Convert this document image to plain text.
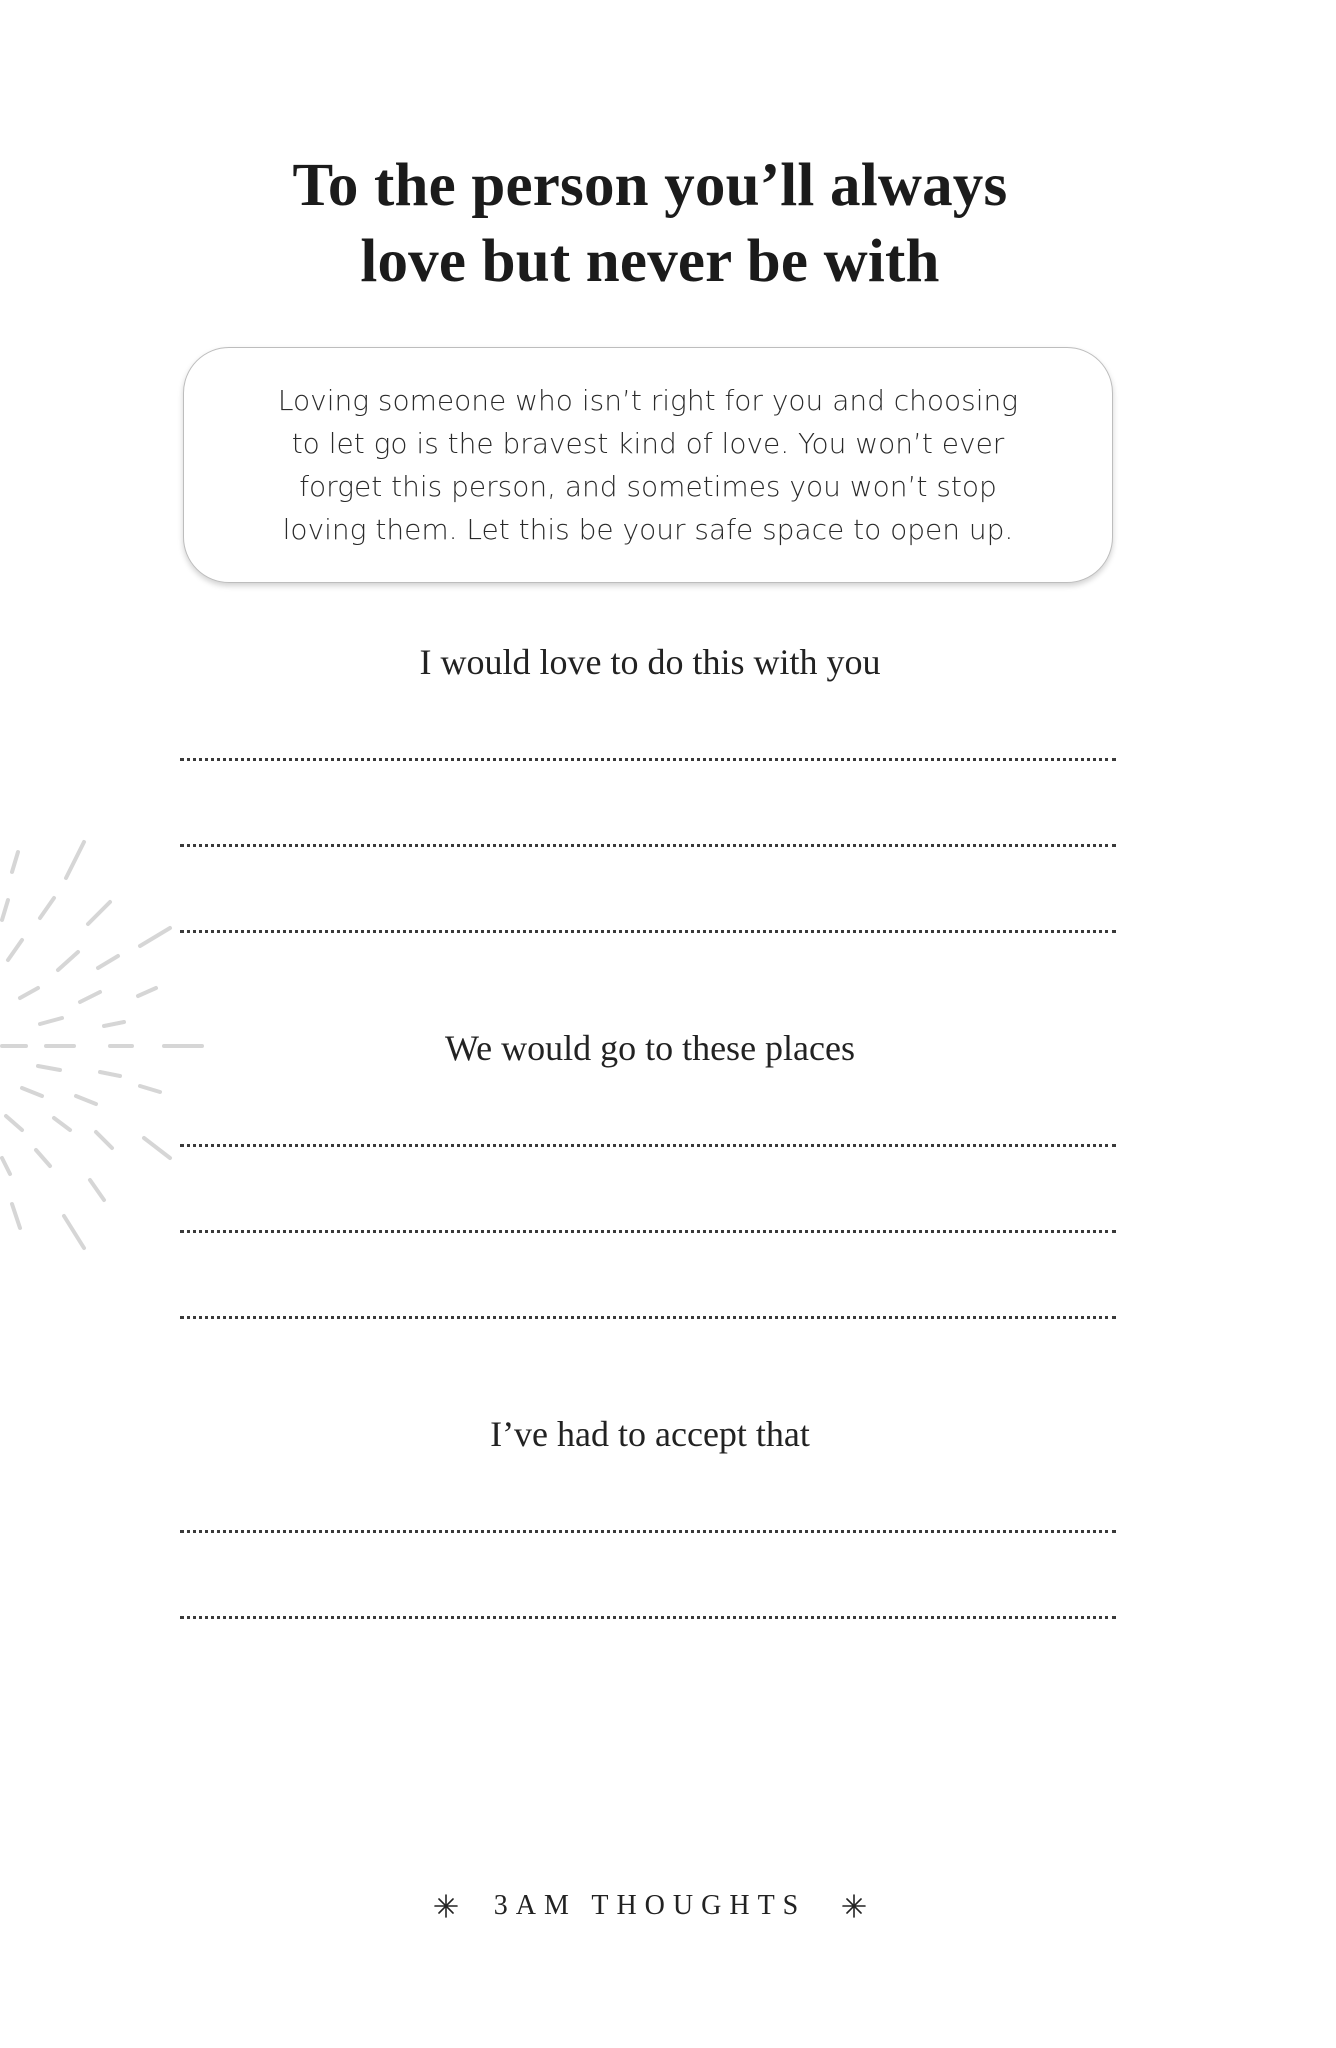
To the person you’ll always
love but never be with
Loving someone who isn’t right for you and choosing
to let go is the bravest kind of love. You won’t ever
forget this person, and sometimes you won’t stop
loving them. Let this be your safe space to open up.
I would love to do this with you
We would go to these places
I’ve had to accept that
3AM THOUGHTS
